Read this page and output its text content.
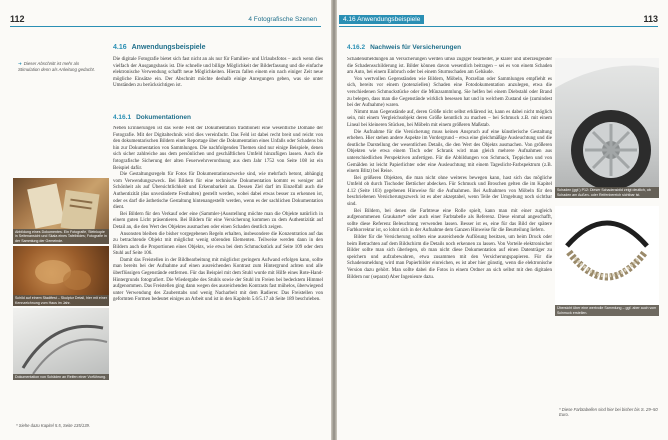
112	4 Fotografische Szenen
➜ Dieser Abschnitt ist mehr als Stimulation denn als Anleitung gedacht.
4.16 Anwendungsbeispiele

Die digitale Fotografie bietet sich fast nicht an als nur für Familien- und Urlaubsfotos – auch wenn dies vielfach der Ausgangsbasis ist. Die schnelle und billige Möglichkeit der Bilderfassung und die einfache elektronische Verwendung schafft neue Möglichkeiten. Hierzu fallen einem ein nach einiger Zeit neue mögliche Einsätze ein. Der Abschnitt möchte deshalb einige Anregungen geben, was sie unter Umständen zu berücksichtigen ist.

4.16.1 Dokumentationen

Neben Erinnerungen ist das weite Feld der Dokumentation traditionell eine wesentliche Domäne der Fotografie. Mit der Digitaltechnik wird dies vereinfacht. Das Feld ist dabei recht breit und reicht von den dokumentarischen Bildern einer Reportage über die Dokumentation eines Unfalls oder Schadens bis hin zur Dokumentation von Sammlungen. Die nachfolgenden Themen sind nur einige Beispiele, denen sich sicher zahlreiche aus dem persönlichen und geschäftlichen Umfeld hinzufügen lassen. Auch die fotografische Sicherung der alten Feuerwehrverordnung aus dem Jahr 1752 von Seite 108 ist ein Beispiel dafür.

Die Gestaltungsregeln für Fotos für Dokumentationszwecke sind, wie mehrfach betont, abhängig vom Verwendungszweck. Bei Bildern für eine technische Dokumentation kommt es weniger auf Schönheit als auf Übersichtlichkeit und Erkennbarkeit an. Dessen Ziel darf im Einzelfall auch die Authentizität (das unveränderte Festhalten) gestellt werden, wobei dabei etwas besser zu erkennen ist, oder es darf die ästhetische Gestaltung hintenangestellt werden, wenn es der sachlichen Dokumentation dient.

Bei Bildern für den Verkauf oder eine (Sammler-)Ausstellung möchte man die Objekte natürlich in einem guten Licht präsentieren. Bei Bildern für eine Versicherung kommen zu dem Authentizität auf Detail an, die den Wert des Objektes ausmachen oder einen Schaden deutlich zeigen.

Ansonsten bleiben die bisher vorgegebenen Regeln erhalten, insbesondere die Konzentration auf das zu betrachtende Objekt mit möglichst wenig störenden Elementen. Teilweise werden dann in den Bildern auch die Proportionen eines Objekts, wie etwa bei dem Schmuckstück auf Seite 109 oder dem Stuhl auf Seite 106.

Damit das Freistellen in der Bildbearbeitung mit möglichst geringem Aufwand erfolgen kann, sollte man bereits bei der Aufnahme auf einen ausreichenden Kontrast zum Hintergrund achten und alle überflüssigen Gegenstände entfernen. Für das Beispiel mit dem Stuhl wurde mit Hilfe eines Rote-Hand-Hintergrunds fotografiert. Die Wiedergabe des Stuhls sowie der Stuhl im Freien bei bedecktem Himmel aufgenommen. Das Freistellen ging dann wegen des ausreichenden Kontrasts fast mühelos, überwiegend unter Verwendung des Zauberstabs und wenig Nacharbeit mit dem Radierer. Das Freistellen von geformten Formen bedeutet einiges an Arbeit und ist in den Kapiteln 5.6/5.17 ab Seite 189 beschrieben.

Abbildung eines Dokumentes. Ein Fotografie, Steinkopie in Seitenansicht und Skala eines Tafelbildes; Fotografie in der Sammlung der Gemeinde.
Schild auf einem Stadtfest – Skulptur Detail, hier mit einer Kennzeichnung vom Haus im Jahr.
Dokumentation von Schäden an Reifen einer Vorführung.
* Siehe dazu Kapitel 5.5, Seite 135/139.
4.16 Anwendungsbeispiele	113
4.16.2 Nachweis für Versicherungen

Schadensmeldungen an Versicherungen werden umso zügiger bearbeitet, je klarer und überzeugender die Schadensschilderung ist. Bilder können davon wesentlich beitragen – sei es von einem Schaden am Auto, bei einem Einbruch oder bei einem Sturmschaden am Gebäude.

Von wertvollen Gegenständen wie Bildern, Möbeln, Porzellan oder Sammlungen empfiehlt es sich, bereits vor einem (potenziellen) Schaden eine Fotodokumentation anzulegen, etwa die verschiedenen Schmuckstücke oder die Münzsammlung. Sie helfen bei einem Diebstahl oder Brand zu belegen, dass man die Gegenstände wirklich besessen hat und in welchem Zustand sie (zumindest bei der Aufnahme) waren.

Nimmt man Gegenstände auf, deren Größe nicht selbst erklärend ist, kann es dabei nicht möglich sein, mit einem Vergleichsobjekt deren Größe kenntlich zu machen – bei Schmuck z.B. mit einem Lineal bei kleineren Stücken, bei Möbeln mit einem größeren Maßstab.

Die Aufnahme für die Versicherung muss keinen Anspruch auf eine künstlerische Gestaltung erheben. Hier stehen andere Aspekte im Vordergrund – etwa eine gleichmäßige Ausleuchtung und die deutliche Darstellung der wesentlichen Details, die den Wert des Objekts ausmachen. Von größeren Objekten wie etwa einem Tisch oder Schrank wird man gleich mehrere Aufnahmen aus unterschiedlichen Perspektiven anfertigen. Für die Abbildungen von Schmuck, Teppichen und von Gemälden ist leicht Papierlichter oder eine Ausleuchtung mit einem Tageslicht-Farbspektrum (z.B. einem Blitz) bei Reise.

Bei größeren Objekten, die man nicht ohne weiteres bewegen kann, hast sich das mögliche Umfeld ob durch Tischoder Bettücher abdecken. Für Schmuck und Broschen gelten die im Kapitel 4.12 (Seite 103) gegebenen Hinweise für die Aufnahmen. Bei Aufnahmen von Möbeln für den beschriebenen Versicherungszweck ist es aber akzeptabel, wenn Teile der Umgebung noch sichtbar sind.

Bei Bildern, bei denen die Farbtreue eine Rolle spielt, kann man mit einer zugleich aufgenommenen Graukarte* oder auch einer Farbtabelle als Referenz. Diese einmal angeschafft, sollte diese Referenz Beleuchtung verwenden lassen. Besser ist es, eine für das Bild der spätere Farbkorrektur ist, so lohnt sich in der Aufnahme dem Ganzen Hinweise für die Beurteilung liefern.

Bilder für die Versicherung sollten eine ausreichende Auflösung besitzen, um beim Druck oder beim Betrachten auf dem Bildschirm die Details noch erkennen zu lassen. Von Vorteile elektronischer Bilder sollte man sich überlegen, ob man nicht diese Dokumentation auf einen Datenträger zu speichern und aufzubewahren, etwa zusammen mit den Versicherungspapieren. Für die Schadensmeldung wird man Papierbilder einreichen, es ist aber hier günstig, wenn die elektronische Version dazu gehört. Man sollte dabei die Fotos in einem Ordner an sich selbst mit den digitalen Bildern nur (separat) Aber Ingenieure dazu.

Schaden (ggf.) P12: Dieser Schadensbild zeigt deutlich, ob Schaden am Außen- oder Reifenbereich sichtbar ist.
Übersicht über eine wertvolle Sammlung – ggf. aber auch vom Schmuck erstellen.
* Diese Farbtabellen sind hier bei bisher bis S. 29–50 Euro.
